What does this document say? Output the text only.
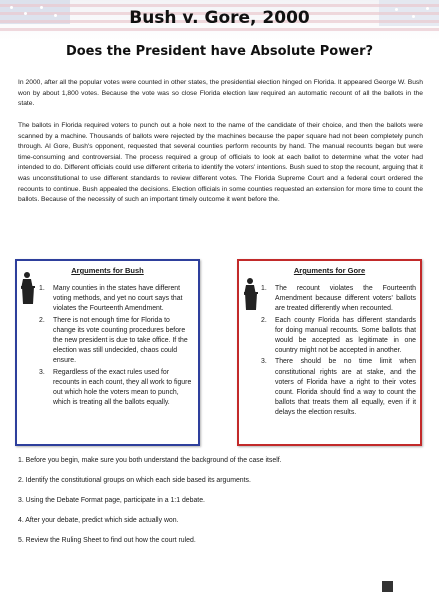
Bush v. Gore, 2000
Does the President have Absolute Power?

In 2000, after all the popular votes were counted in other states, the presidential election hinged on Florida. It appeared George W. Bush won by about 1,800 votes. Because the vote was so close Florida election law required an automatic recount of all the ballots in the state.

The ballots in Florida required voters to punch out a hole next to the name of the candidate of their choice, and then the ballots were scanned by a machine. Thousands of ballots were rejected by the machines because the paper square had not been completely punch through. Al Gore, Bush's opponent, requested that several counties perform recounts by hand. The manual recounts began but were time-consuming and controversial. The process required a group of officials to look at each ballot to determine what the voter had intended to do. Different officials could use different criteria to identify the voters' intentions. Bush sued to stop the recount, arguing that it was unconstitutional to use different standards to review different votes. The Florida Supreme Court and a federal court ordered the recounts to continue. Bush appealed the decisions. Election officials in some counties requested an extension for more time to count the ballots. Because of the necessity of such an important timely outcome it went before the.

Arguments for Bush
1. Many counties in the states have different voting methods, and yet no court says that violates the Fourteenth Amendment.
2. There is not enough time for Florida to change its vote counting procedures before the new president is due to take office. If the election was still undecided, chaos could ensure.
3. Regardless of the exact rules used for recounts in each count, they all work to figure out which hole the voters mean to punch, which is treating all the ballots equally.
Arguments for Gore
1. The recount violates the Fourteenth Amendment because different voters' ballots are treated differently when recounted.
2. Each county Florida has different standards for doing manual recounts. Some ballots that would be accepted as legitimate in one country might not be accepted in another.
3. There should be no time limit when constitutional rights are at stake, and the voters of Florida have a right to their votes count. Florida should find a way to count the ballots that treats them all equally, even if it delays the election results.
1. Before you begin, make sure you both understand the background of the case itself.
2. Identify the constitutional groups on which each side based its arguments.
3. Using the Debate Format page, participate in a 1:1 debate.
4. After your debate, predict which side actually won.
5. Review the Ruling Sheet to find out how the court ruled.
